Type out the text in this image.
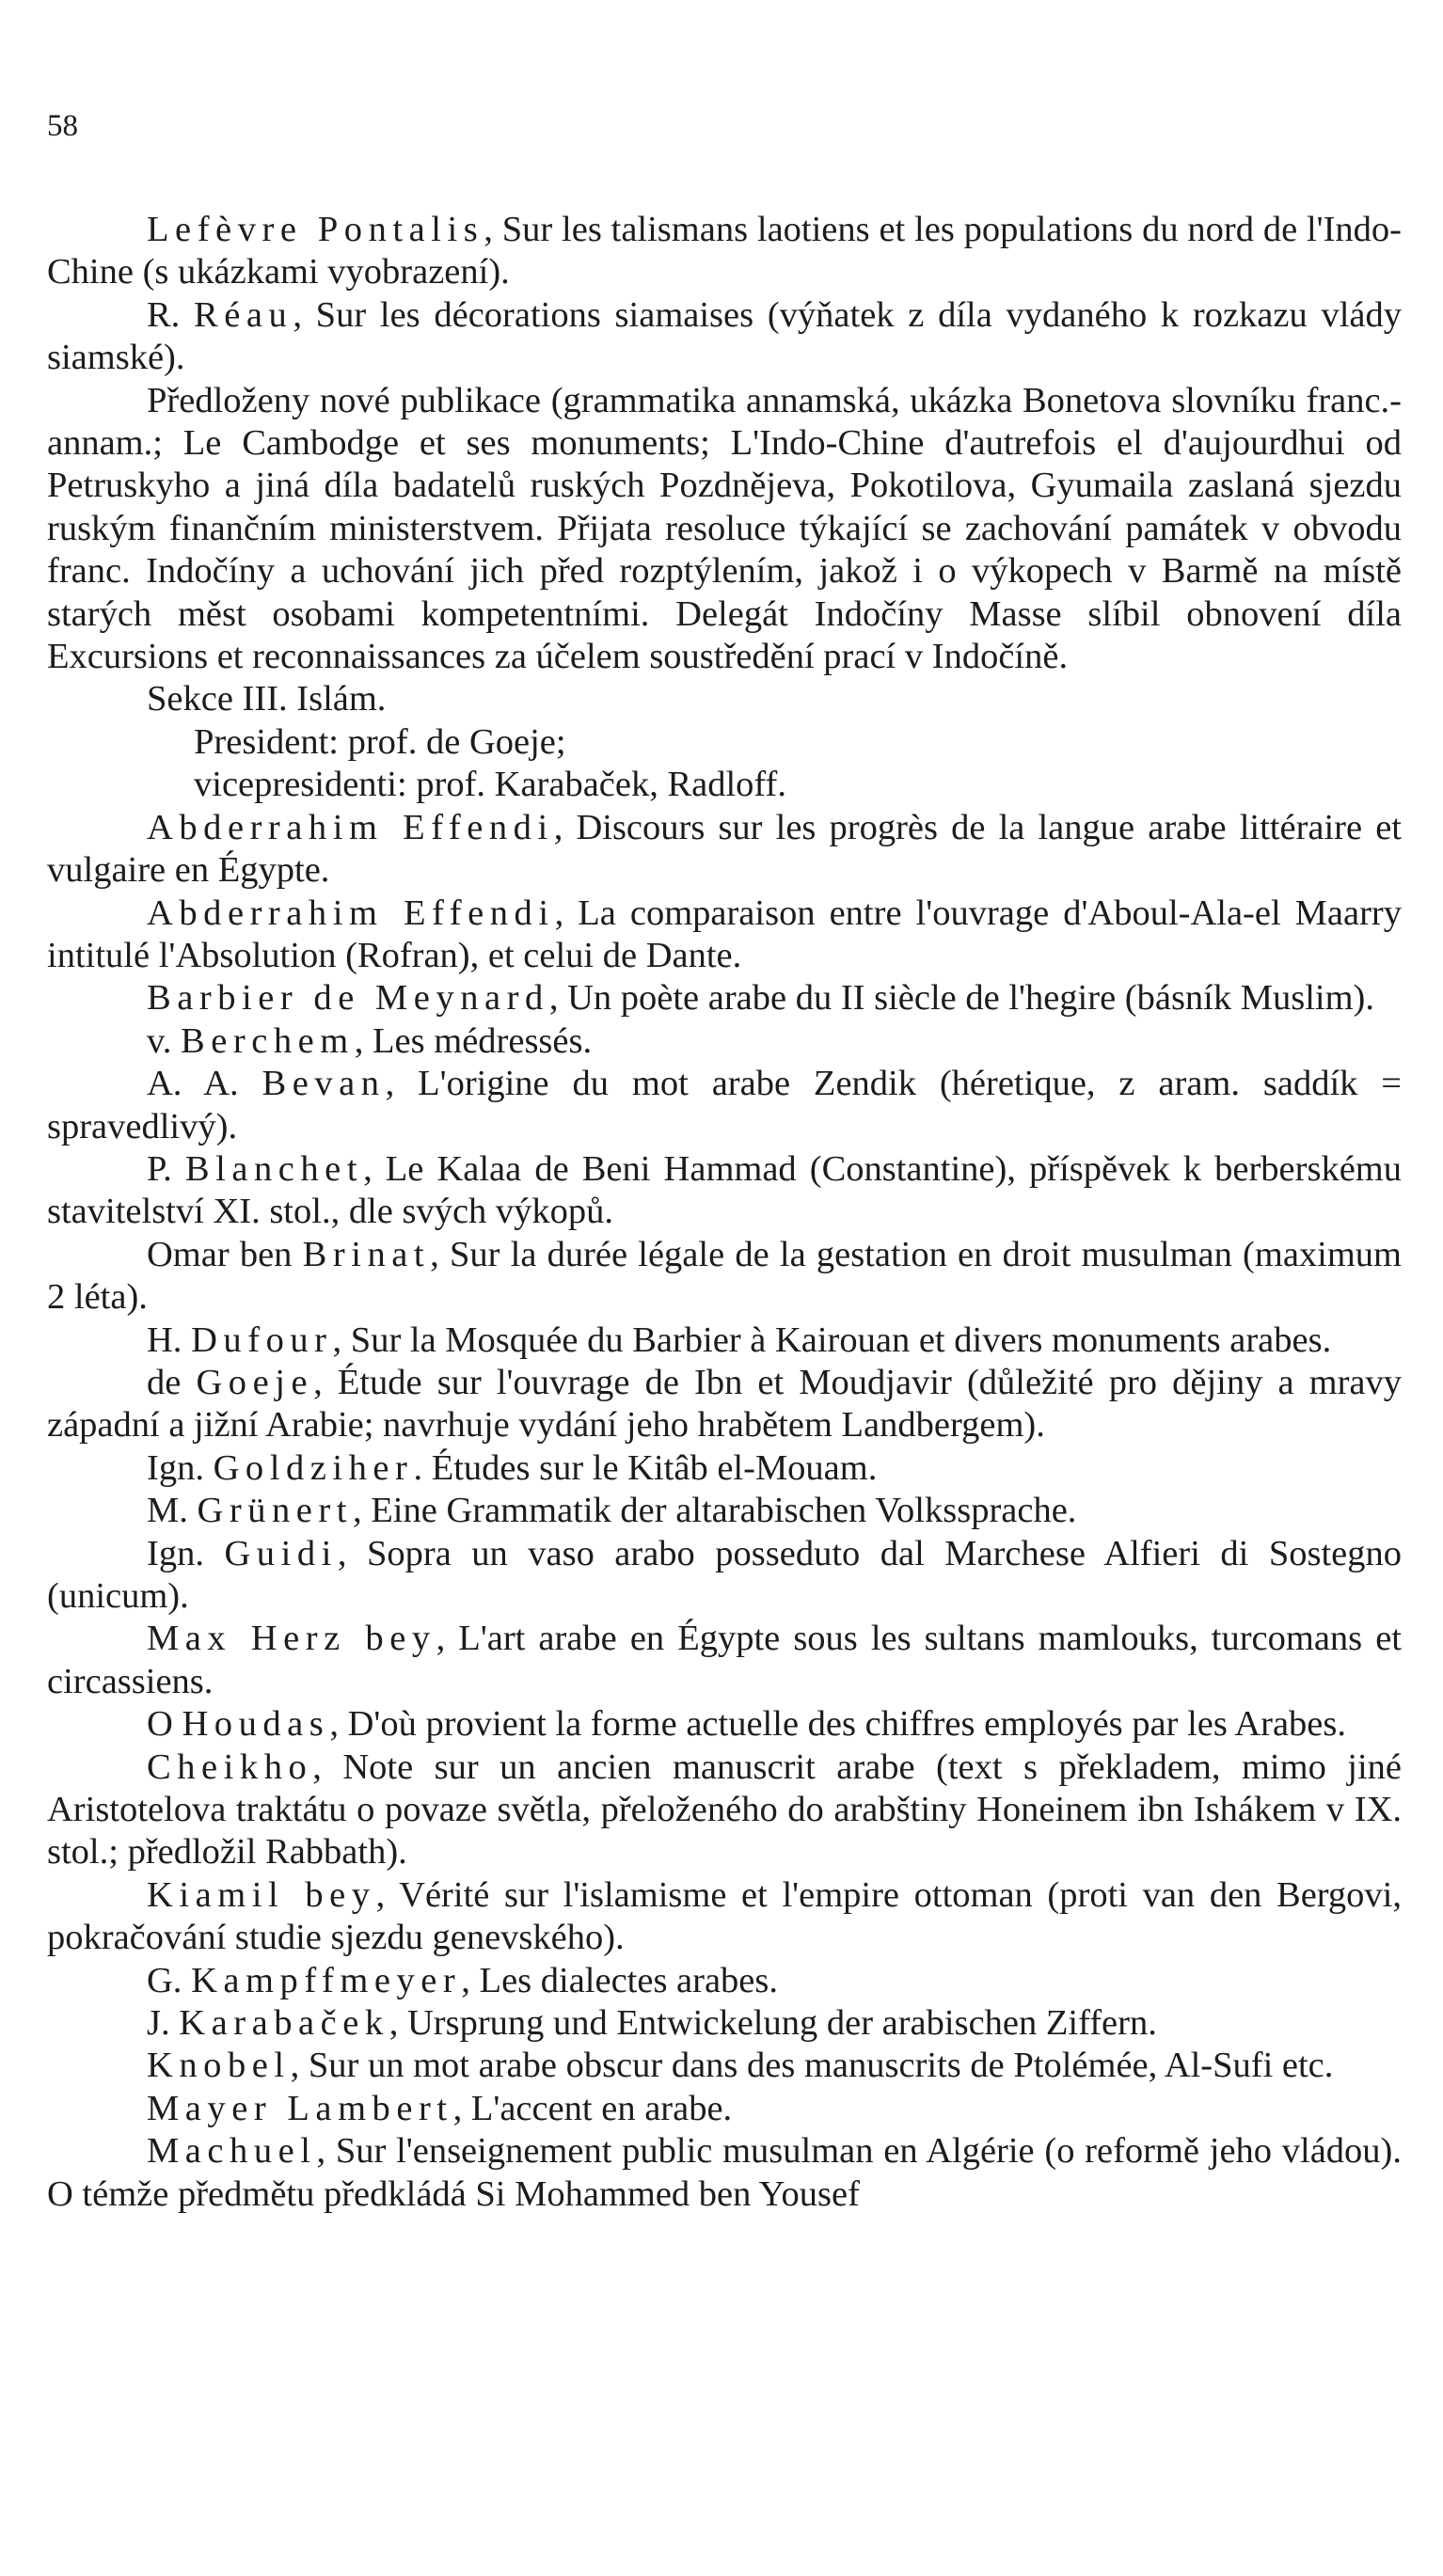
58

Lefèvre Pontalis, Sur les talismans laotiens et les populations du nord de l'Indo-Chine (s ukázkami vyobrazení).

R. Réau, Sur les décorations siamaises (výňatek z díla vydaného k rozkazu vlády siamské).

Předloženy nové publikace (grammatika annamská, ukázka Bonetova slovníku franc.-annam.; Le Cambodge et ses monuments; L'Indo-Chine d'autrefois el d'aujourdhui od Petruskyho a jiná díla badatelů ruských Pozdnějeva, Pokotilova, Gyumaila zaslaná sjezdu ruským finančním ministerstvem. Přijata resoluce týkající se zachování památek v obvodu franc. Indočíny a uchování jich před rozptýlením, jakož i o výkopech v Barmě na místě starých měst osobami kompetentními. Delegát Indočíny Masse slíbil obnovení díla Excursions et reconnaissances za účelem soustředění prací v Indočíně.

Sekce III. Islám.

President: prof. de Goeje;

vicepresidenti: prof. Karabaček, Radloff.

Abderrahim Effendi, Discours sur les progrès de la langue arabe littéraire et vulgaire en Égypte.

Abderrahim Effendi, La comparaison entre l'ouvrage d'Aboul-Ala-el Maarry intitulé l'Absolution (Rofran), et celui de Dante.

Barbier de Meynard, Un poète arabe du II siècle de l'hegire (básník Muslim).

v. Berchem, Les médressés.

A. A. Bevan, L'origine du mot arabe Zendik (héretique, z aram. saddík = spravedlivý).

P. Blanchet, Le Kalaa de Beni Hammad (Constantine), příspěvek k berberskému stavitelství XI. stol., dle svých výkopů.

Omar ben Brinat, Sur la durée légale de la gestation en droit musulman (maximum 2 léta).

H. Dufour, Sur la Mosquée du Barbier à Kairouan et divers monuments arabes.

de Goeje, Étude sur l'ouvrage de Ibn et Moudjavir (důležité pro dějiny a mravy západní a jižní Arabie; navrhuje vydání jeho hrabětem Landbergem).

Ign. Goldziher. Études sur le Kitâb el-Mouam.

M. Grünert, Eine Grammatik der altarabischen Volkssprache.

Ign. Guidi, Sopra un vaso arabo posseduto dal Marchese Alfieri di Sostegno (unicum).

Max Herz bey, L'art arabe en Égypte sous les sultans mamlouks, turcomans et circassiens.

O Houdas, D'où provient la forme actuelle des chiffres employés par les Arabes.

Cheikho, Note sur un ancien manuscrit arabe (text s překladem, mimo jiné Aristotelova traktátu o povaze světla, přeloženého do arabštiny Honeinem ibn Ishákem v IX. stol.; předložil Rabbath).

Kiamil bey, Vérité sur l'islamisme et l'empire ottoman (proti van den Bergovi, pokračování studie sjezdu genevského).

G. Kampffmeyer, Les dialectes arabes.

J. Karabaček, Ursprung und Entwickelung der arabischen Ziffern.

Knobel, Sur un mot arabe obscur dans des manuscrits de Ptolémée, Al-Sufi etc.

Mayer Lambert, L'accent en arabe.

Machuel, Sur l'enseignement public musulman en Algérie (o reformě jeho vládou). O témže předmětu předkládá Si Mohammed ben Yousef
